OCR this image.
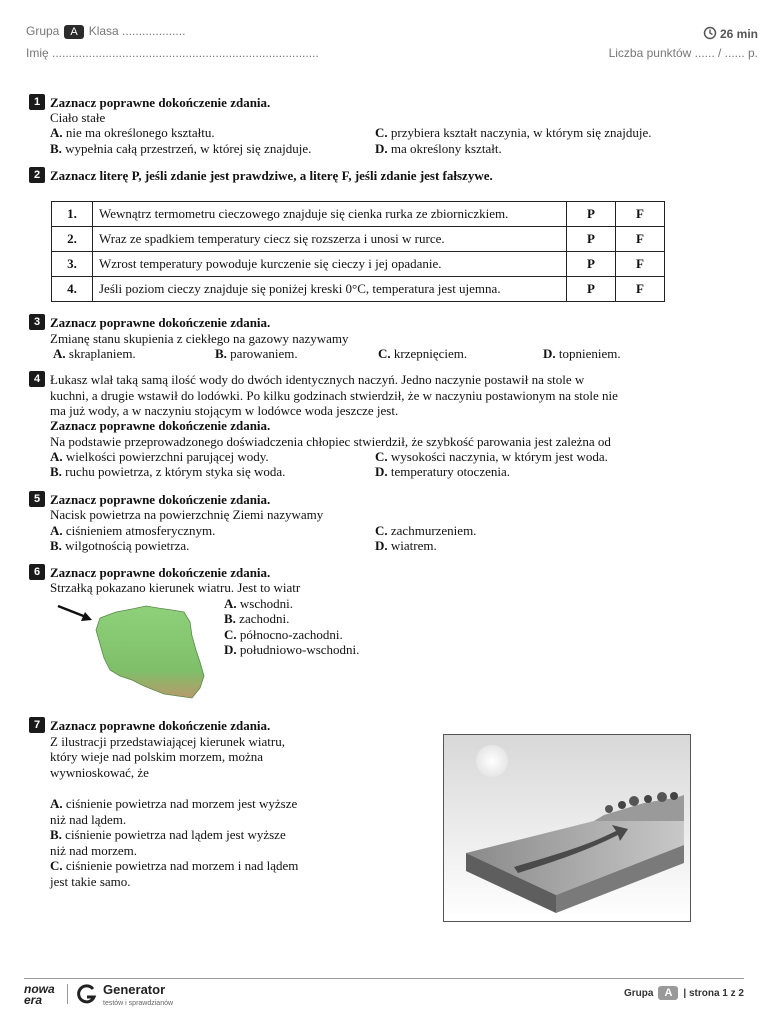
Grupa A Klasa ...................
Imię ................................................................................
26 min
Liczba punktów ...... / ...... p.
1 Zaznacz poprawne dokończenie zdania.
Ciało stałe
A. nie ma określonego kształtu.
B. wypełnia całą przestrzeń, w której się znajduje.
C. przybiera kształt naczynia, w którym się znajduje.
D. ma określony kształt.
2 Zaznacz literę P, jeśli zdanie jest prawdziwe, a literę F, jeśli zdanie jest fałszywe.
1.	Wewnątrz termometru cieczowego znajduje się cienka rurka ze zbiorniczkiem.	P	F
2.	Wraz ze spadkiem temperatury ciecz się rozszerza i unosi w rurce.	P	F
3.	Wzrost temperatury powoduje kurczenie się cieczy i jej opadanie.	P	F
4.	Jeśli poziom cieczy znajduje się poniżej kreski 0°C, temperatura jest ujemna.	P	F
3 Zaznacz poprawne dokończenie zdania.
Zmianę stanu skupienia z ciekłego na gazowy nazywamy
A. skraplaniem.	B. parowaniem.	C. krzepnięciem.	D. topnieniem.
4 Łukasz wlał taką samą ilość wody do dwóch identycznych naczyń. Jedno naczynie postawił na stole w
kuchni, a drugie wstawił do lodówki. Po kilku godzinach stwierdził, że w naczyniu postawionym na stole nie
ma już wody, a w naczyniu stojącym w lodówce woda jeszcze jest.
Zaznacz poprawne dokończenie zdania.
Na podstawie przeprowadzonego doświadczenia chłopiec stwierdził, że szybkość parowania jest zależna od
A. wielkości powierzchni parującej wody.
B. ruchu powietrza, z którym styka się woda.
C. wysokości naczynia, w którym jest woda.
D. temperatury otoczenia.
5 Zaznacz poprawne dokończenie zdania.
Nacisk powietrza na powierzchnię Ziemi nazywamy
A. ciśnieniem atmosferycznym.
B. wilgotnością powietrza.
C. zachmurzeniem.
D. wiatrem.
6 Zaznacz poprawne dokończenie zdania.
Strzałką pokazano kierunek wiatru. Jest to wiatr
A. wschodni.
B. zachodni.
C. północno-zachodni.
D. południowo-wschodni.
7 Zaznacz poprawne dokończenie zdania.
Z ilustracji przedstawiającej kierunek wiatru,
który wieje nad polskim morzem, można
wywnioskować, że
A. ciśnienie powietrza nad morzem jest wyższe
niż nad lądem.
B. ciśnienie powietrza nad lądem jest wyższe
niż nad morzem.
C. ciśnienie powietrza nad morzem i nad lądem
jest takie samo.
nowa
era
Generator
testów i sprawdzianów
Grupa A | strona 1 z 2
